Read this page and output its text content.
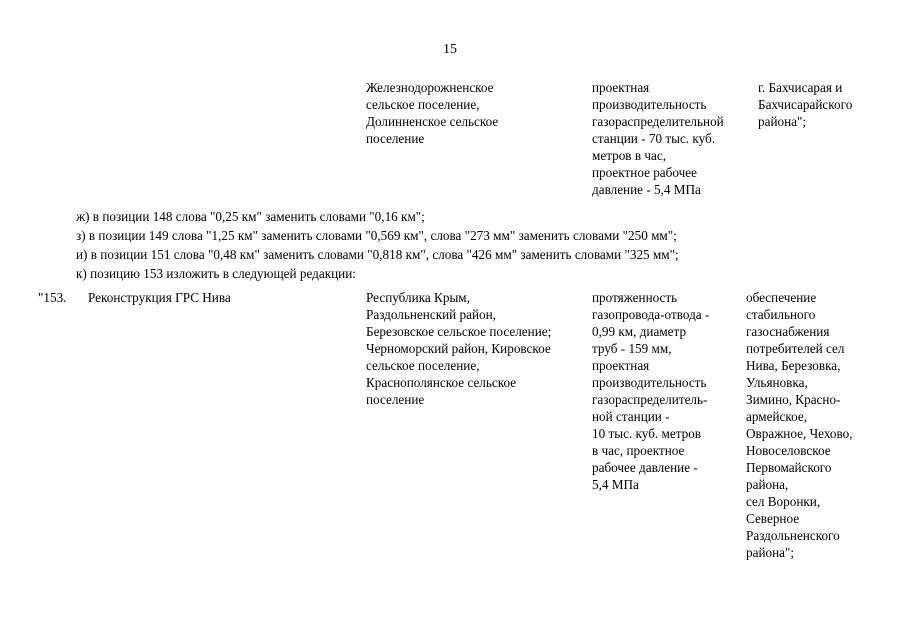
15
Железнодорожненское
сельское поселение,
Долинненское сельское
поселение
проектная
производительность
газораспределительной
станции - 70 тыс. куб.
метров в час,
проектное рабочее
давление - 5,4 МПа
г. Бахчисарая и
Бахчисарайского
района";
ж) в позиции 148 слова "0,25 км" заменить словами "0,16 км";
з) в позиции 149 слова "1,25 км" заменить словами "0,569 км", слова "273 мм" заменить словами "250 мм";
и) в позиции 151 слова "0,48 км" заменить словами "0,818 км", слова "426 мм" заменить словами "325 мм";
к) позицию 153 изложить в следующей редакции:
"153. Реконструкция ГРС Нива	Республика Крым,
Раздольненский район,
Березовское сельское поселение;
Черноморский район, Кировское
сельское поселение,
Краснополянское сельское
поселение
протяженность
газопровода-отвода -
0,99 км, диаметр
труб - 159 мм,
проектная
производительность
газораспределитель-
ной станции -
10 тыс. куб. метров
в час, проектное
рабочее давление -
5,4 МПа
обеспечение
стабильного
газоснабжения
потребителей сел
Нива, Березовка,
Ульяновка,
Зимино, Красно-
армейское,
Овражное, Чехово,
Новоселовское
Первомайского
района,
сел Воронки,
Северное
Раздольненского
района";
